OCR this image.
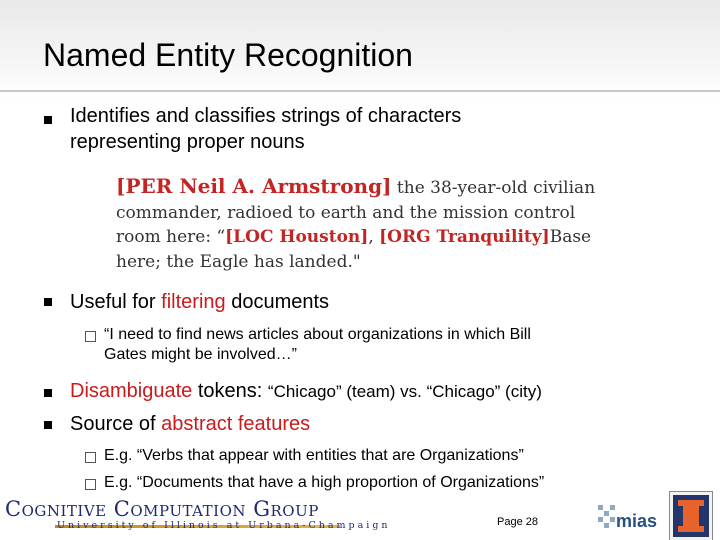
Named Entity Recognition
Identifies and classifies strings of characters
representing proper nouns
[PER Neil A. Armstrong] the 38-year-old civilian
commander, radioed to earth and the mission control
room here: “[LOC Houston], [ORG Tranquility]Base
here; the Eagle has landed."
Useful for filtering documents
“I need to find news articles about organizations in which Bill
Gates might be involved…”
Disambiguate tokens: “Chicago” (team) vs. “Chicago” (city)
Source of abstract features
E.g. “Verbs that appear with entities that are Organizations”
E.g. “Documents that have a high proportion of Organizations”
Cognitive Computation Group
University of Illinois at Urbana-Champaign	Page 28	mias
